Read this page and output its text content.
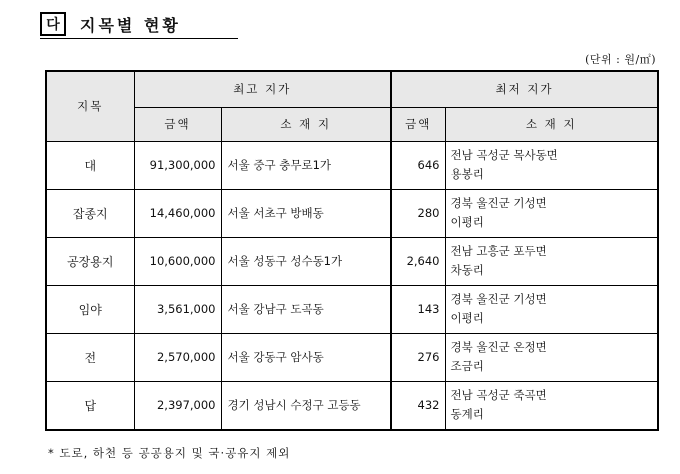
다	지목별 현황
(단위 : 원/㎡)
지목	최고 지가		최저 지가	
	금액	소 재 지	금액	소 재 지
대	91,300,000	서울 중구 충무로1가	646	전남 곡성군 목사동면
용봉리
잡종지	14,460,000	서울 서초구 방배동	280	경북 울진군 기성면
이평리
공장용지	10,600,000	서울 성동구 성수동1가	2,640	전남 고흥군 포두면
차동리
임야	3,561,000	서울 강남구 도곡동	143	경북 울진군 기성면
이평리
전	2,570,000	서울 강동구 암사동	276	경북 울진군 온정면
조금리
답	2,397,000	경기 성남시 수정구 고등동	432	전남 곡성군 죽곡면
동계리
* 도로, 하천 등 공공용지 및 국·공유지 제외
